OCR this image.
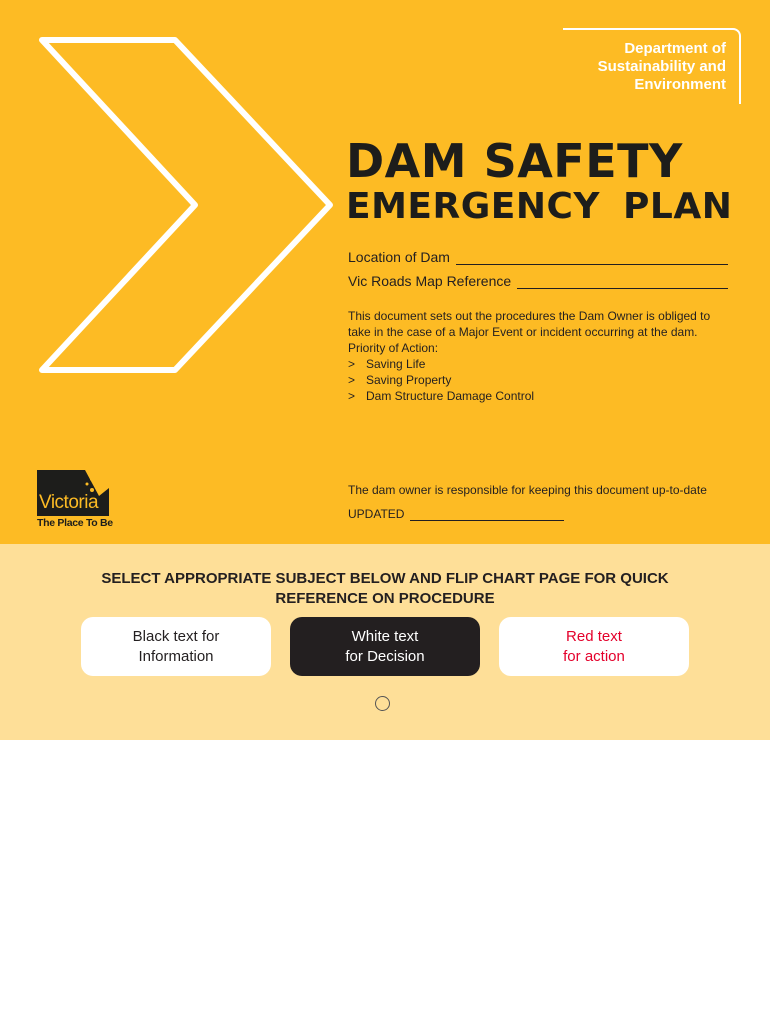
Department of
Sustainability and
Environment
DAM SAFETY
EMERGENCY PLAN
Location of Dam
Vic Roads Map Reference

This document sets out the procedures the Dam Owner is obliged to take in the case of a Major Event or incident occurring at the dam.

Priority of Action:

> Saving Life
> Saving Property
> Dam Structure Damage Control
The dam owner is responsible for keeping this document up-to-date
UPDATED
Victoria
The Place To Be
SELECT APPROPRIATE SUBJECT BELOW AND FLIP CHART PAGE FOR QUICK
REFERENCE ON PROCEDURE
Black text for
Information
White text
for Decision
Red text
for action
